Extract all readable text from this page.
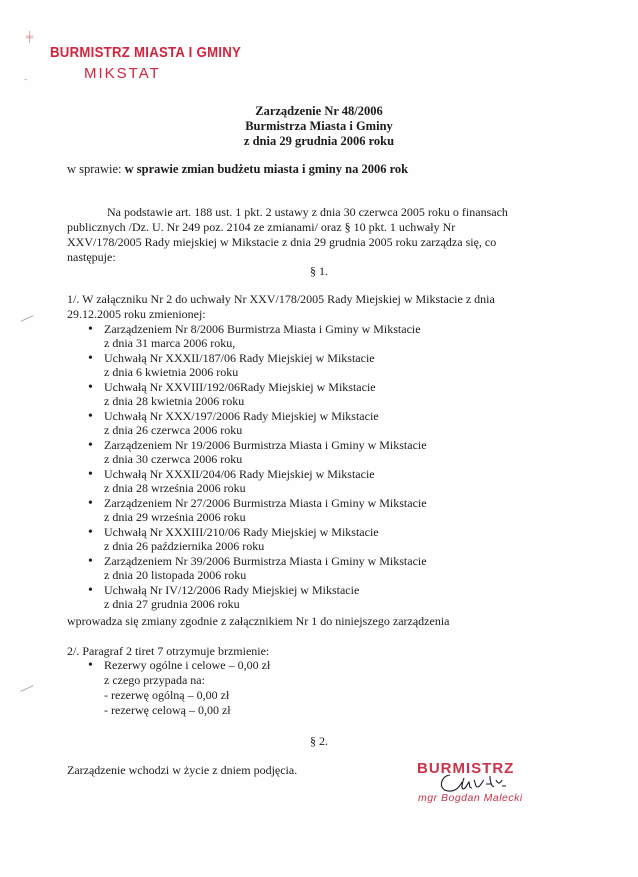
╪
˷
BURMISTRZ MIASTA I GMINY
MIKSTAT
Zarządzenie Nr 48/2006
Burmistrza Miasta i Gminy
z dnia 29 grudnia 2006 roku
w sprawie: w sprawie zmian budżetu miasta i gminy na 2006 rok
Na podstawie art. 188 ust. 1 pkt. 2 ustawy z dnia 30 czerwca 2005 roku o finansach
publicznych /Dz. U. Nr 249 poz. 2104 ze zmianami/ oraz § 10 pkt. 1 uchwały Nr
XXV/178/2005 Rady miejskiej w Mikstacie z dnia 29 grudnia 2005 roku zarządza się, co
następuje:
§ 1.
1/. W załączniku Nr 2 do uchwały Nr XXV/178/2005 Rady Miejskiej w Mikstacie z dnia
29.12.2005 roku zmienionej:
• Zarządzeniem Nr 8/2006 Burmistrza Miasta i Gminy w Mikstacie
z dnia 31 marca 2006 roku,
• Uchwałą Nr XXXII/187/06 Rady Miejskiej w Mikstacie
z dnia 6 kwietnia 2006 roku
• Uchwałą Nr XXVIII/192/06Rady Miejskiej w Mikstacie
z dnia 28 kwietnia 2006 roku
• Uchwałą Nr XXX/197/2006 Rady Miejskiej w Mikstacie
z dnia 26 czerwca 2006 roku
• Zarządzeniem Nr 19/2006 Burmistrza Miasta i Gminy w Mikstacie
z dnia 30 czerwca 2006 roku
• Uchwałą Nr XXXII/204/06 Rady Miejskiej w Mikstacie
z dnia 28 września 2006 roku
• Zarządzeniem Nr 27/2006 Burmistrza Miasta i Gminy w Mikstacie
z dnia 29 września 2006 roku
• Uchwałą Nr XXXIII/210/06 Rady Miejskiej w Mikstacie
z dnia 26 października 2006 roku
• Zarządzeniem Nr 39/2006 Burmistrza Miasta i Gminy w Mikstacie
z dnia 20 listopada 2006 roku
• Uchwałą Nr IV/12/2006 Rady Miejskiej w Mikstacie
z dnia 27 grudnia 2006 roku
wprowadza się zmiany zgodnie z załącznikiem Nr 1 do niniejszego zarządzenia
2/. Paragraf 2 tiret 7 otrzymuje brzmienie:
• Rezerwy ogólne i celowe – 0,00 zł
z czego przypada na:
- rezerwę ogólną – 0,00 zł
- rezerwę celową – 0,00 zł
§ 2.
Zarządzenie wchodzi w życie z dniem podjęcia.	BURMISTRZ
mgr Bogdan Malecki
